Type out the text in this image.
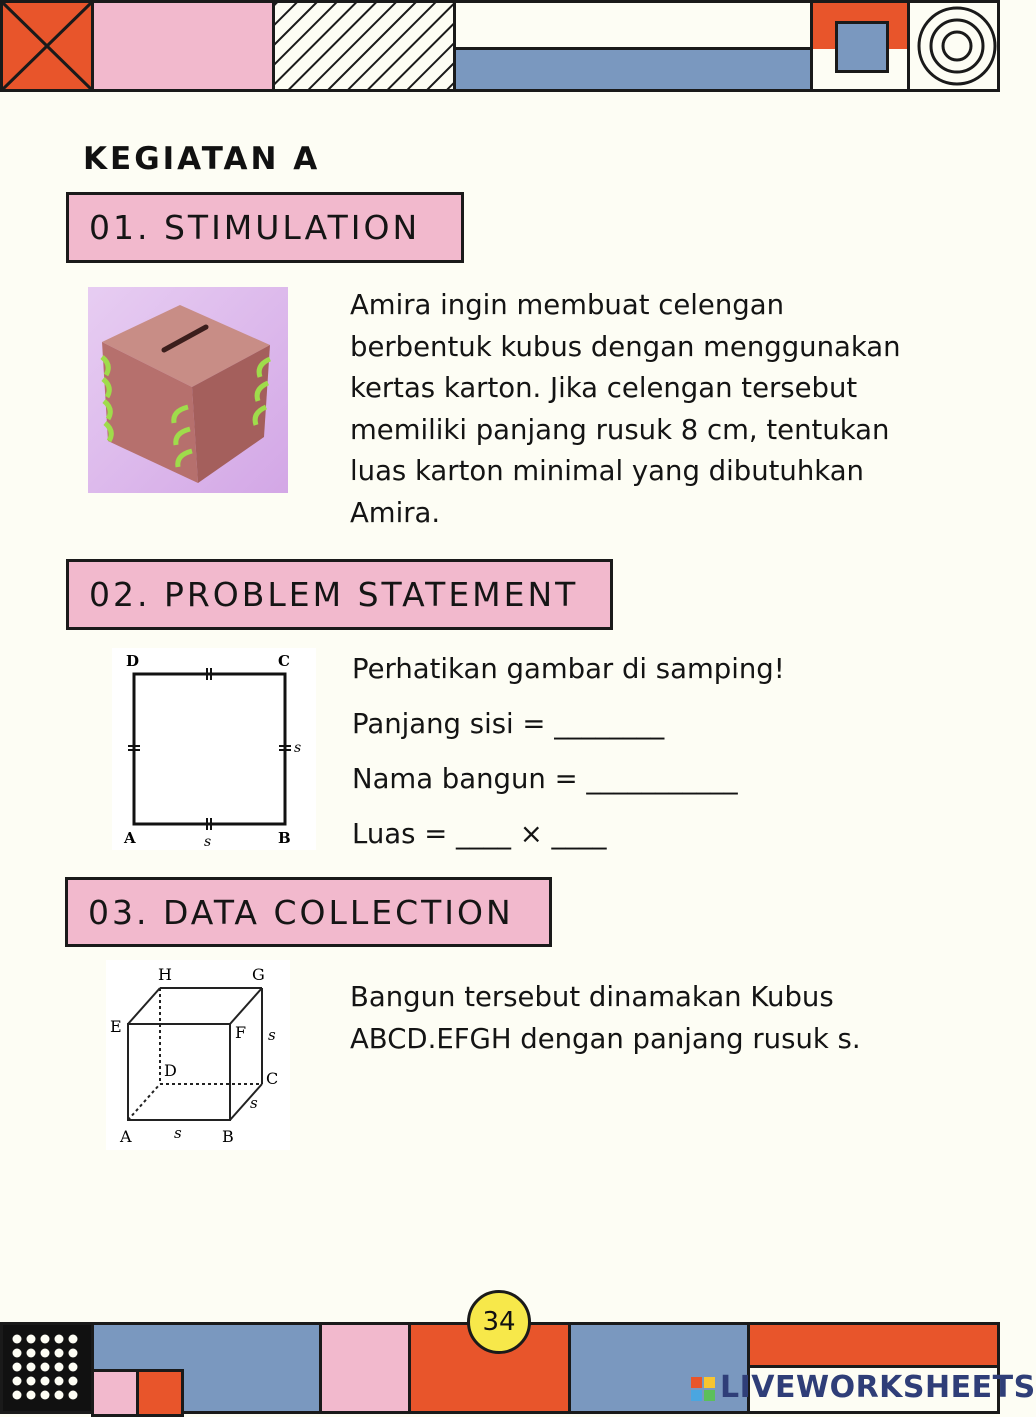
KEGIATAN A
01. STIMULATION
Amira ingin membuat celengan berbentuk kubus dengan menggunakan kertas karton. Jika celengan tersebut memiliki panjang rusuk 8 cm, tentukan luas karton minimal yang dibutuhkan Amira.
02. PROBLEM STATEMENT
D	C
A	B
s
s
Perhatikan gambar di samping!
Panjang sisi = ________
Nama bangun = ___________
Luas = ____ × ____
03. DATA COLLECTION
H	G
E	F
D	C
A	B
s
s
s
Bangun tersebut dinamakan Kubus ABCD.EFGH dengan panjang rusuk s.
34
LIVEWORKSHEETS
